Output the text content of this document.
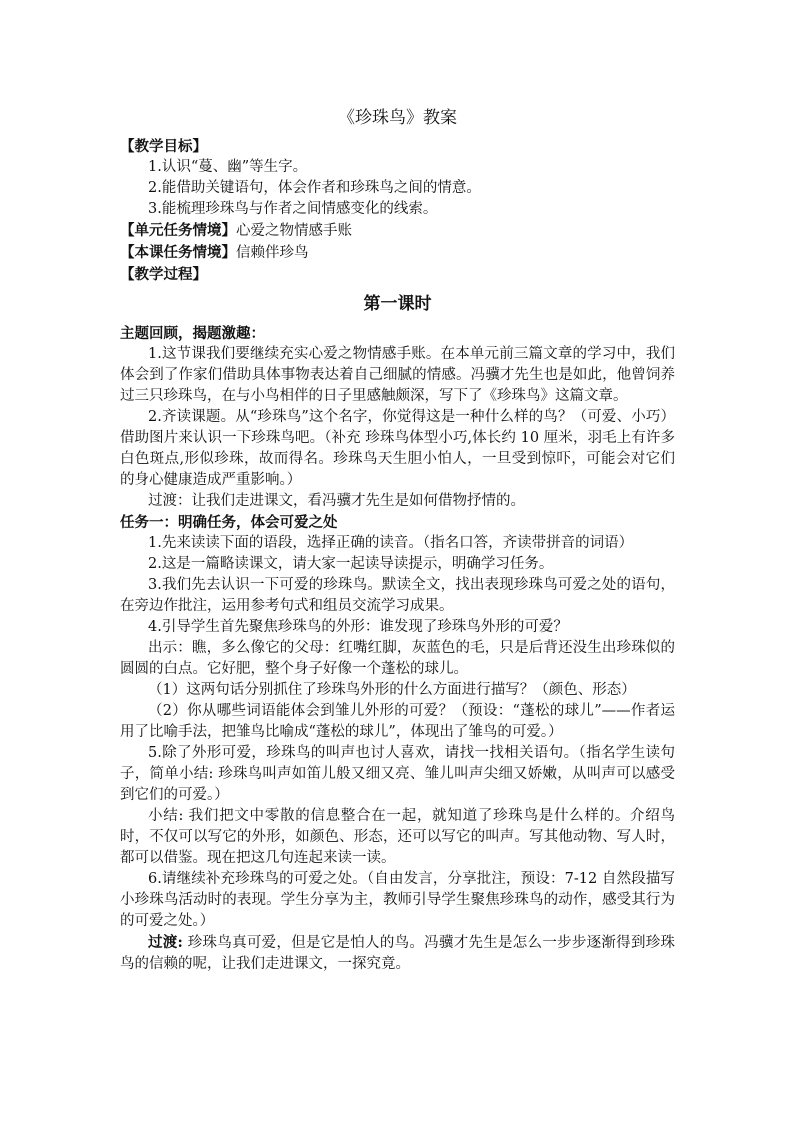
《珍珠鸟》教案
【教学目标】
1.认识“蔓、幽”等生字。
2.能借助关键语句，体会作者和珍珠鸟之间的情意。
3.能梳理珍珠鸟与作者之间情感变化的线索。
【单元任务情境】心爱之物情感手账
【本课任务情境】信赖伴珍鸟
【教学过程】
第一课时
主题回顾，揭题激趣：

1.这节课我们要继续充实心爱之物情感手账。在本单元前三篇文章的学习中，我们体会到了作家们借助具体事物表达着自己细腻的情感。冯骥才先生也是如此，他曾饲养过三只珍珠鸟，在与小鸟相伴的日子里感触颇深，写下了《珍珠鸟》这篇文章。

2.齐读课题。从“珍珠鸟”这个名字，你觉得这是一种什么样的鸟？（可爱、小巧）借助图片来认识一下珍珠鸟吧。（补充 珍珠鸟体型小巧,体长约 10 厘米，羽毛上有许多白色斑点,形似珍珠，故而得名。珍珠鸟天生胆小怕人，一旦受到惊吓，可能会对它们的身心健康造成严重影响。）

过渡：让我们走进课文，看冯骥才先生是如何借物抒情的。

任务一：明确任务，体会可爱之处

1.先来读读下面的语段，选择正确的读音。（指名口答，齐读带拼音的词语）

2.这是一篇略读课文，请大家一起读导读提示，明确学习任务。

3.我们先去认识一下可爱的珍珠鸟。默读全文，找出表现珍珠鸟可爱之处的语句，在旁边作批注，运用参考句式和组员交流学习成果。

4.引导学生首先聚焦珍珠鸟的外形：谁发现了珍珠鸟外形的可爱？

出示：瞧，多么像它的父母：红嘴红脚，灰蓝色的毛，只是后背还没生出珍珠似的圆圆的白点。它好肥，整个身子好像一个蓬松的球儿。

（1）这两句话分别抓住了珍珠鸟外形的什么方面进行描写？（颜色、形态）

（2）你从哪些词语能体会到雏儿外形的可爱？（预设：“蓬松的球儿”——作者运用了比喻手法，把雏鸟比喻成“蓬松的球儿”，体现出了雏鸟的可爱。）

5.除了外形可爱，珍珠鸟的叫声也讨人喜欢，请找一找相关语句。（指名学生读句子，简单小结: 珍珠鸟叫声如笛儿般又细又亮、雏儿叫声尖细又娇嫩，从叫声可以感受到它们的可爱。）

小结: 我们把文中零散的信息整合在一起，就知道了珍珠鸟是什么样的。介绍鸟时，不仅可以写它的外形，如颜色、形态，还可以写它的叫声。写其他动物、写人时，都可以借鉴。现在把这几句连起来读一读。

6.请继续补充珍珠鸟的可爱之处。（自由发言，分享批注，预设：7-12 自然段描写小珍珠鸟活动时的表现。学生分享为主，教师引导学生聚焦珍珠鸟的动作，感受其行为的可爱之处。）

过渡: 珍珠鸟真可爱，但是它是怕人的鸟。冯骥才先生是怎么一步步逐渐得到珍珠鸟的信赖的呢，让我们走进课文，一探究竟。
